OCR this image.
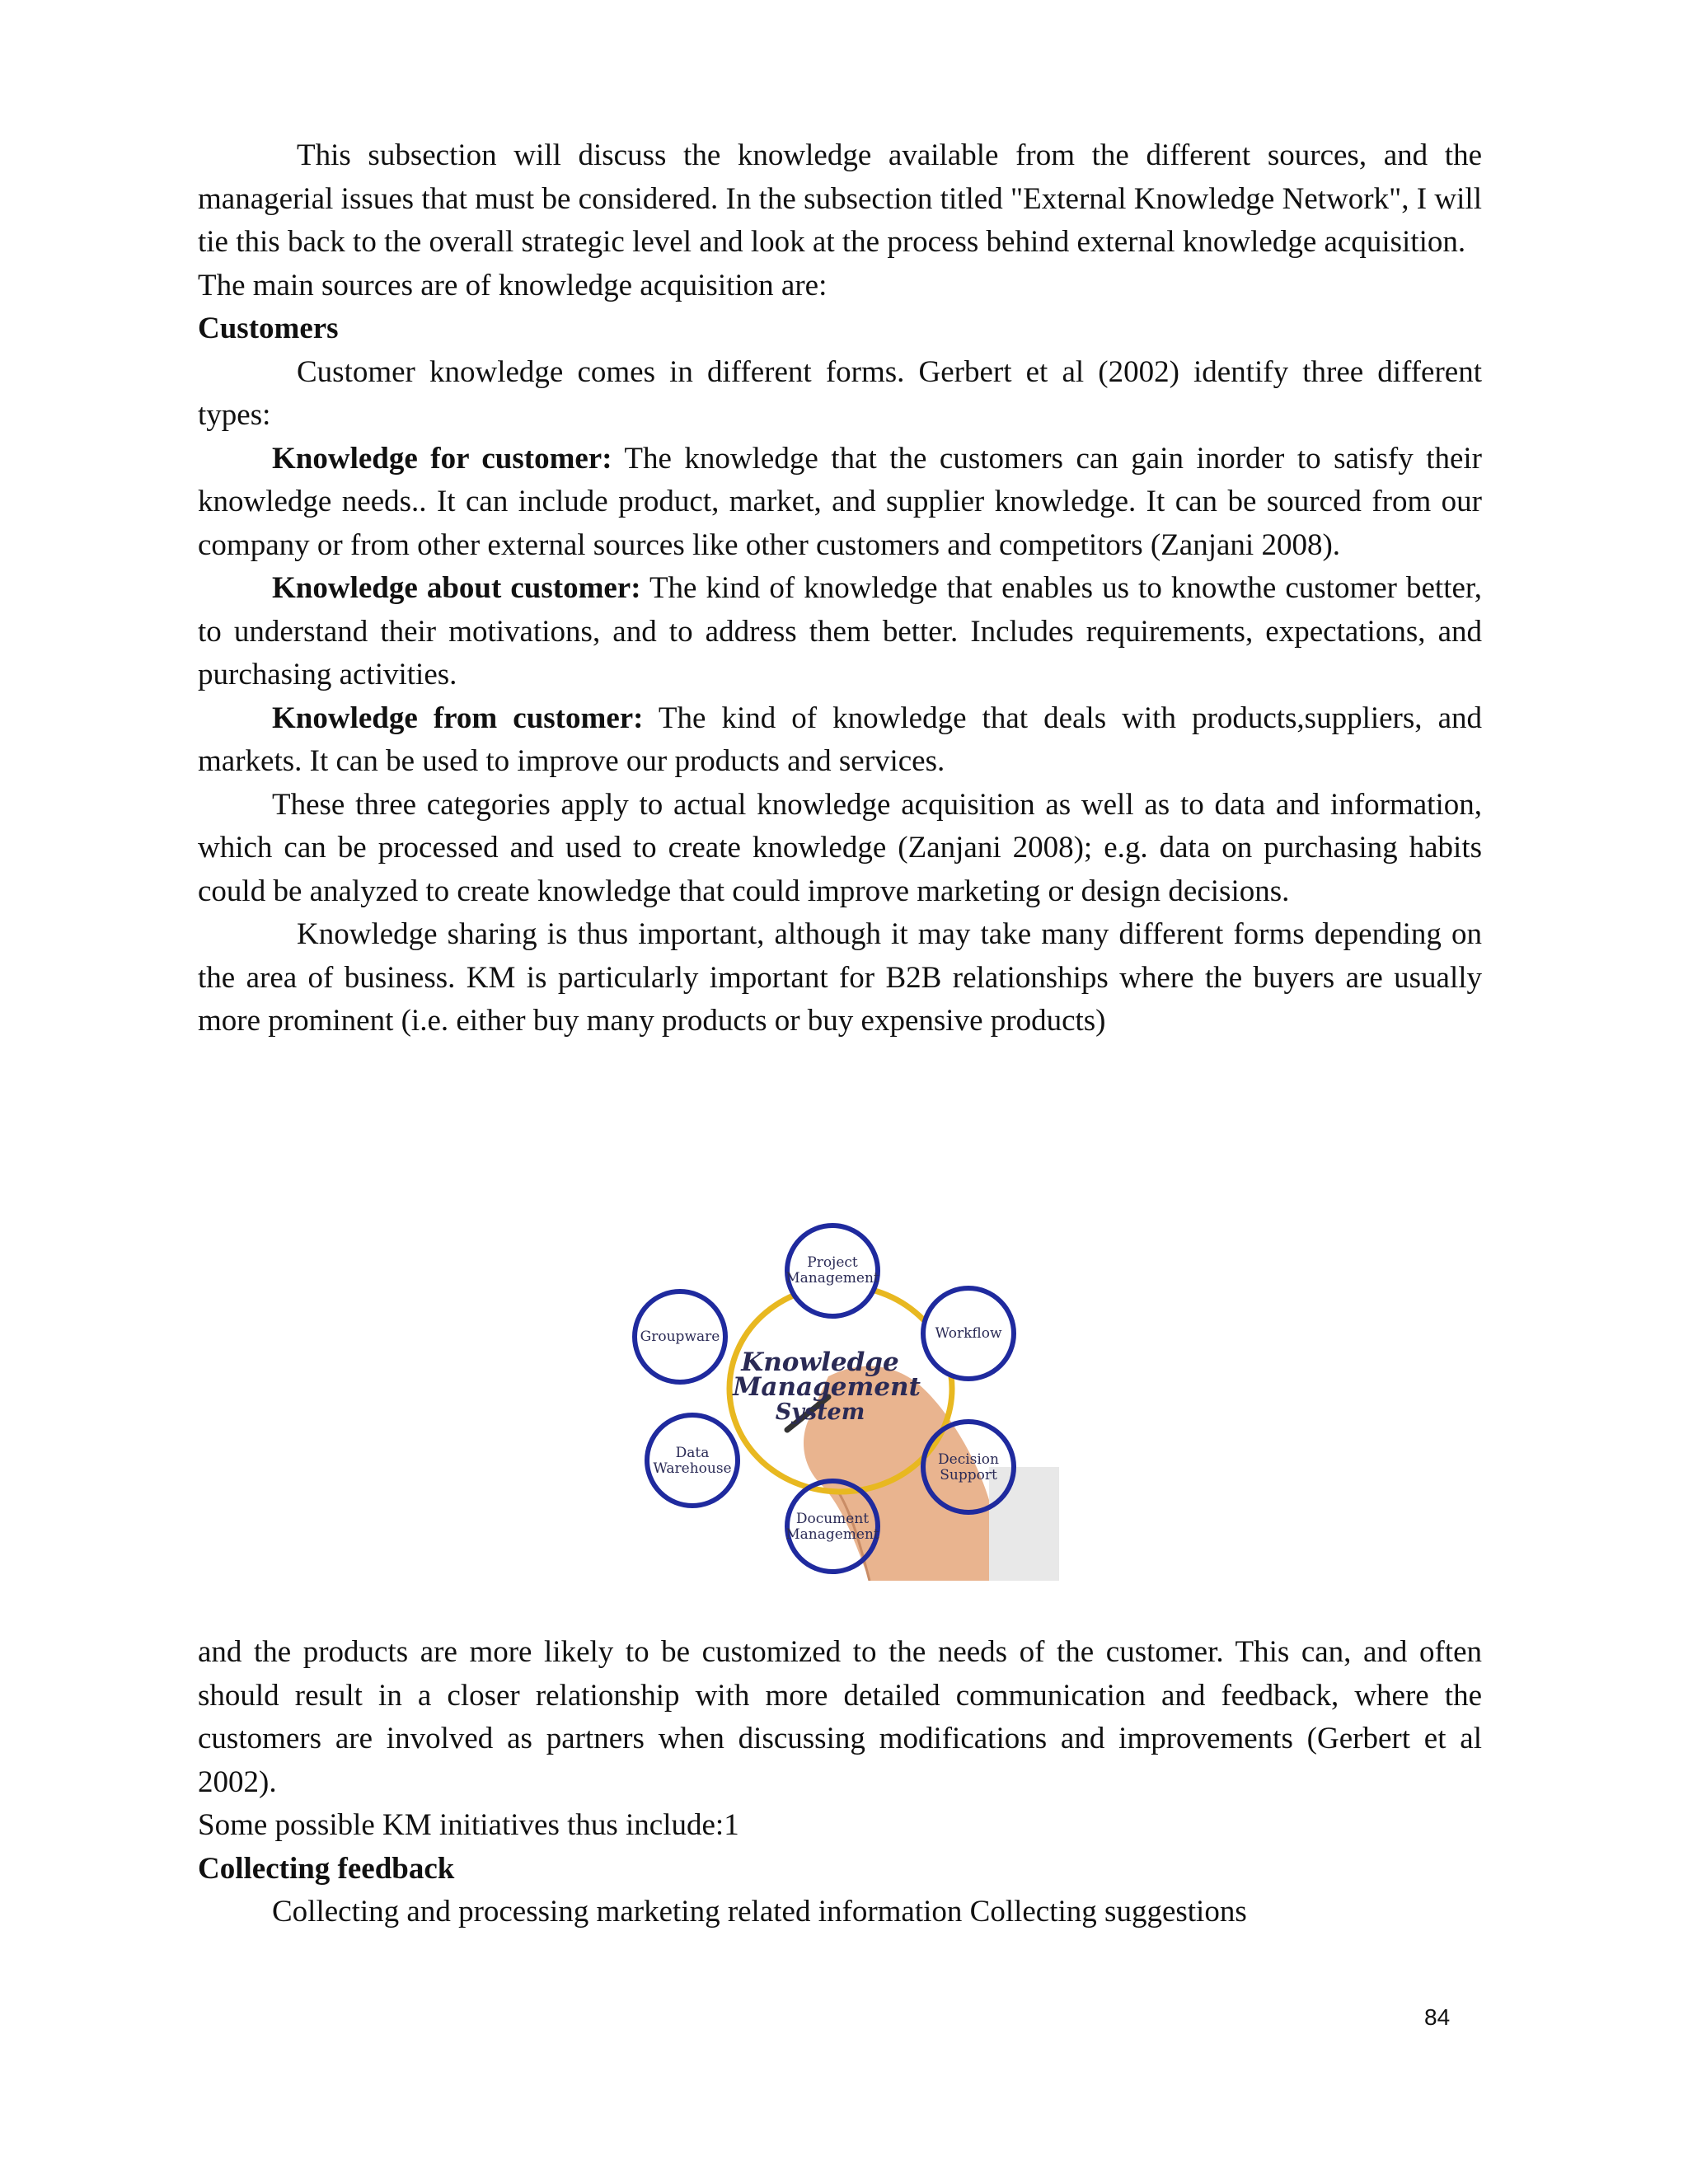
This subsection will discuss the knowledge available from the different sources, and the managerial issues that must be considered. In the subsection titled "External Knowledge Network", I will tie this back to the overall strategic level and look at the process behind external knowledge acquisition.

The main sources are of knowledge acquisition are:

Customers

Customer knowledge comes in different forms. Gerbert et al (2002) identify three different types:

Knowledge for customer: The knowledge that the customers can gain inorder to satisfy their knowledge needs.. It can include product, market, and supplier knowledge. It can be sourced from our company or from other external sources like other customers and competitors (Zanjani 2008).

Knowledge about customer: The kind of knowledge that enables us to knowthe customer better, to understand their motivations, and to address them better. Includes requirements, expectations, and purchasing activities.

Knowledge from customer: The kind of knowledge that deals with products,suppliers, and markets. It can be used to improve our products and services.

These three categories apply to actual knowledge acquisition as well as to data and information, which can be processed and used to create knowledge (Zanjani 2008); e.g. data on purchasing habits could be analyzed to create knowledge that could improve marketing or design decisions.

Knowledge sharing is thus important, although it may take many different forms depending on the area of business. KM is particularly important for B2B relationships where the buyers are usually more prominent (i.e. either buy many products or buy expensive products)

Project
Management
Workflow
Decision
Support
Document
Management
Data
Warehouse
Groupware
Knowledge
Management
System

and the products are more likely to be customized to the needs of the customer. This can, and often should result in a closer relationship with more detailed communication and feedback, where the customers are involved as partners when discussing modifications and improvements (Gerbert et al 2002).

Some possible KM initiatives thus include:1

Collecting feedback

Collecting and processing marketing related information Collecting suggestions

84
